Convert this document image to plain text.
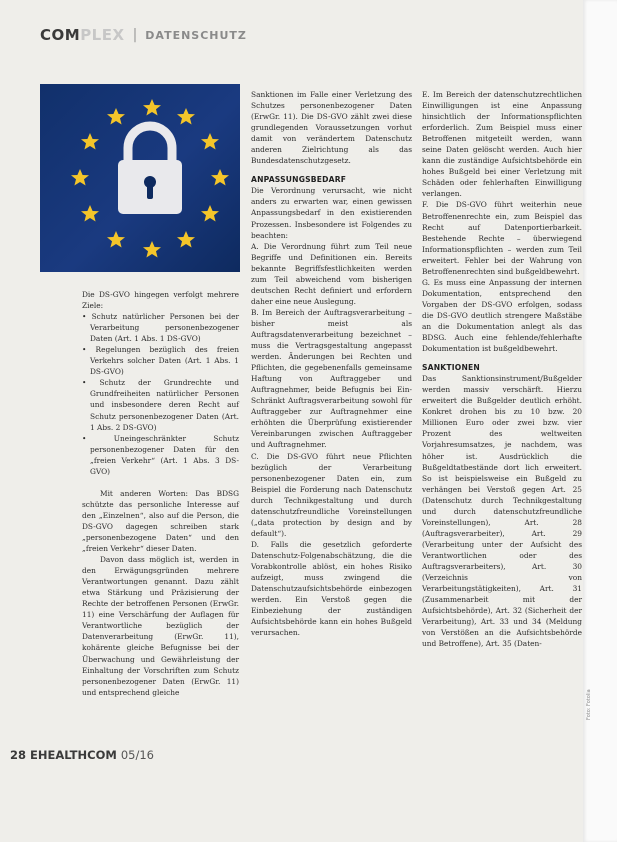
COMPLEX | DATENSCHUTZ

Die DS-GVO hingegen verfolgt mehrere Ziele:

• Schutz natürlicher Personen bei der Verarbeitung personenbezogener Daten (Art. 1 Abs. 1 DS-GVO)

• Regelungen bezüglich des freien Verkehrs solcher Daten (Art. 1 Abs. 1 DS-GVO)

• Schutz der Grundrechte und Grundfreiheiten natürlicher Personen und insbesondere deren Recht auf Schutz personenbezogener Daten (Art. 1 Abs. 2 DS-GVO)

• Uneingeschränkter Schutz personenbezogener Daten für den „freien Verkehr“ (Art. 1 Abs. 3 DS-GVO)

Mit anderen Worten: Das BDSG schützte das personliche Interesse auf den „Einzelnen“, also auf die Person, die DS-GVO dagegen schreiben stark „personenbezogene Daten“ und den „freien Verkehr“ dieser Daten.

Davon dass möglich ist, werden in den Erwägungsgründen mehrere Verantwortungen genannt. Dazu zählt etwa Stärkung und Präzisierung der Rechte der betroffenen Personen (ErwGr. 11) eine Verschärfung der Auflagen für Verantwortliche bezüglich der Datenverarbeitung (ErwGr. 11), kohärente gleiche Befugnisse bei der Überwachung und Gewährleistung der Einhaltung der Vorschriften zum Schutz personenbezogener Daten (ErwGr. 11) und entsprechend gleiche

Sanktionen im Falle einer Verletzung des Schutzes personenbezogener Daten (ErwGr. 11). Die DS-GVO zählt zwei diese grundlegenden Voraussetzungen vorhut damit von verändertem Datenschutz anderen Zielrichtung als das Bundesdatenschutzgesetz.

ANPASSUNGSBEDARF

Die Verordnung verursacht, wie nicht anders zu erwarten war, einen gewissen Anpassungsbedarf in den existierenden Prozessen. Insbesondere ist Folgendes zu beachten:

A. Die Verordnung führt zum Teil neue Begriffe und Definitionen ein. Bereits bekannte Begriffsfestlichkeiten werden zum Teil abweichend vom bisherigen deutschen Recht definiert und erfordern daher eine neue Auslegung.

B. Im Bereich der Auftragsverarbeitung – bisher meist als Auftragsdatenverarbeitung bezeichnet – muss die Vertragsgestaltung angepasst werden. Änderungen bei Rechten und Pflichten, die gegebenenfalls gemeinsame Haftung von Auftraggeber und Auftragnehmer, beide Befugnis bei Ein-Schränkt Auftragsverarbeitung sowohl für Auftraggeber zur Auftragnehmer eine erhöhten die Überprüfung existierender Vereinbarungen zwischen Auftraggeber und Auftragnehmer.

C. Die DS-GVO führt neue Pflichten bezüglich der Verarbeitung personenbezogener Daten ein, zum Beispiel die Forderung nach Datenschutz durch Technikgestaltung und durch datenschutzfreundliche Voreinstellungen („data protection by design and by default“).

D. Falls die gesetzlich geforderte Datenschutz-Folgenabschätzung, die die Vorabkontrolle ablöst, ein hohes Risiko aufzeigt, muss zwingend die Datenschutzaufsichtsbehörde einbezogen werden. Ein Verstoß gegen die Einbeziehung der zuständigen Aufsichtsbehörde kann ein hohes Bußgeld verursachen.

E. Im Bereich der datenschutzrechtlichen Einwilligungen ist eine Anpassung hinsichtlich der Informationspflichten erforderlich. Zum Beispiel muss einer Betroffenen mitgeteilt werden, wann seine Daten gelöscht werden. Auch hier kann die zuständige Aufsichtsbehörde ein hohes Bußgeld bei einer Verletzung mit Schäden oder fehlerhaften Einwilligung verlangen.

F. Die DS-GVO führt weiterhin neue Betroffenenrechte ein, zum Beispiel das Recht auf Datenportierbarkeit. Bestehende Rechte – überwiegend Informationspflichten – werden zum Teil erweitert. Fehler bei der Wahrung von Betroffenenrechten sind bußgeldbewehrt.

G. Es muss eine Anpassung der internen Dokumentation, entsprechend den Vorgaben der DS-GVO erfolgen, sodass die DS-GVO deutlich strengere Maßstäbe an die Dokumentation anlegt als das BDSG. Auch eine fehlende/fehlerhafte Dokumentation ist bußgeldbewehrt.

SANKTIONEN

Das Sanktionsinstrument/Bußgelder werden massiv verschärft. Hierzu erweitert die Bußgelder deutlich erhöht. Konkret drohen bis zu 10 bzw. 20 Millionen Euro oder zwei bzw. vier Prozent des weltweiten Vorjahresumsatzes, je nachdem, was höher ist. Ausdrücklich die Bußgeldtatbestände dort lich erweitert. So ist beispielsweise ein Bußgeld zu verhängen bei Verstoß gegen Art. 25 (Datenschutz durch Technikgestaltung und durch datenschutzfreundliche Voreinstellungen), Art. 28 (Auftragsverarbeiter), Art. 29 (Verarbeitung unter der Aufsicht des Verantwortlichen oder des Auftragsverarbeiters), Art. 30 (Verzeichnis von Verarbeitungstätigkeiten), Art. 31 (Zusammenarbeit mit der Aufsichtsbehörde), Art. 32 (Sicherheit der Verarbeitung), Art. 33 und 34 (Meldung von Verstößen an die Aufsichtsbehörde und Betroffene), Art. 35 (Daten-

28 EHEALTHCOM 05/16
Foto: Fotolia
